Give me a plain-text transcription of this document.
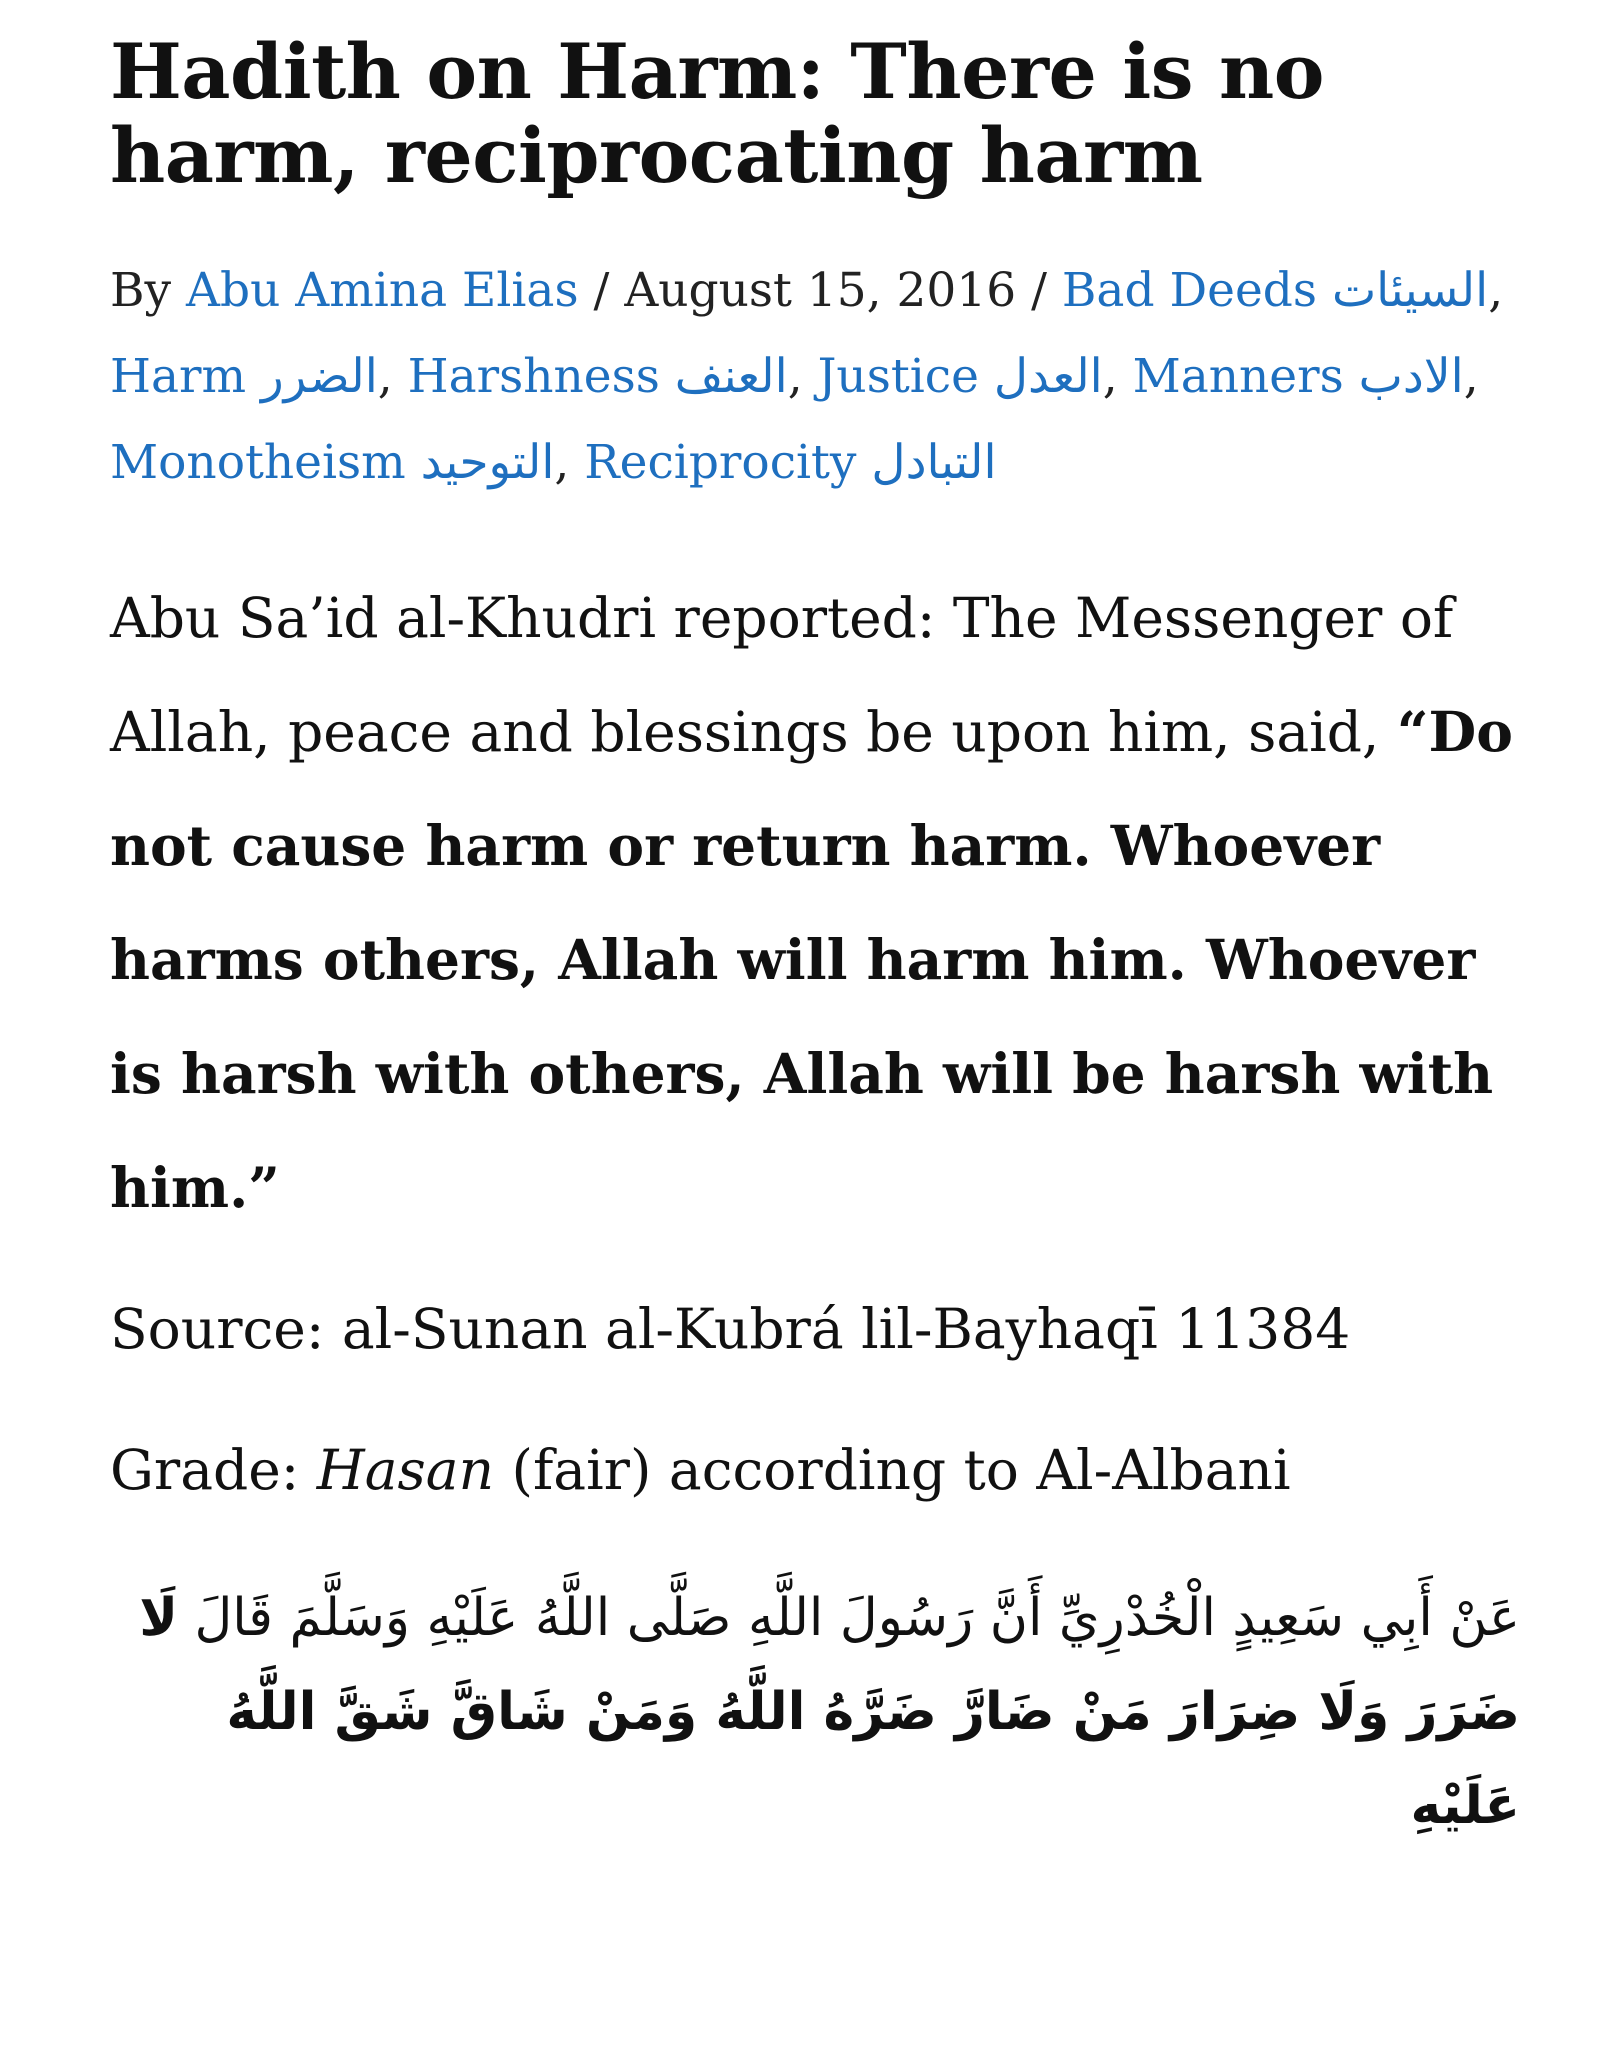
Hadith on Harm: There is no harm, reciprocating harm
By Abu Amina Elias / August 15, 2016 / Bad Deeds السيئات, Harm الضرر, Harshness العنف, Justice العدل, Manners الادب, Monotheism التوحيد, Reciprocity التبادل

Abu Sa’id al-Khudri reported: The Messenger of Allah, peace and blessings be upon him, said, “Do not cause harm or return harm. Whoever harms others, Allah will harm him. Whoever is harsh with others, Allah will be harsh with him.”

Source: al-Sunan al-Kubrá lil-Bayhaqī 11384

Grade: Hasan (fair) according to Al-Albani

عَنْ أَبِي سَعِيدٍ الْخُدْرِيِّ أَنَّ رَسُولَ اللَّهِ صَلَّى اللَّهُ عَلَيْهِ وَسَلَّمَ قَالَ لَا ضَرَرَ وَلَا ضِرَارَ مَنْ ضَارَّ ضَرَّهُ اللَّهُ وَمَنْ شَاقَّ شَقَّ اللَّهُ عَلَيْهِ
